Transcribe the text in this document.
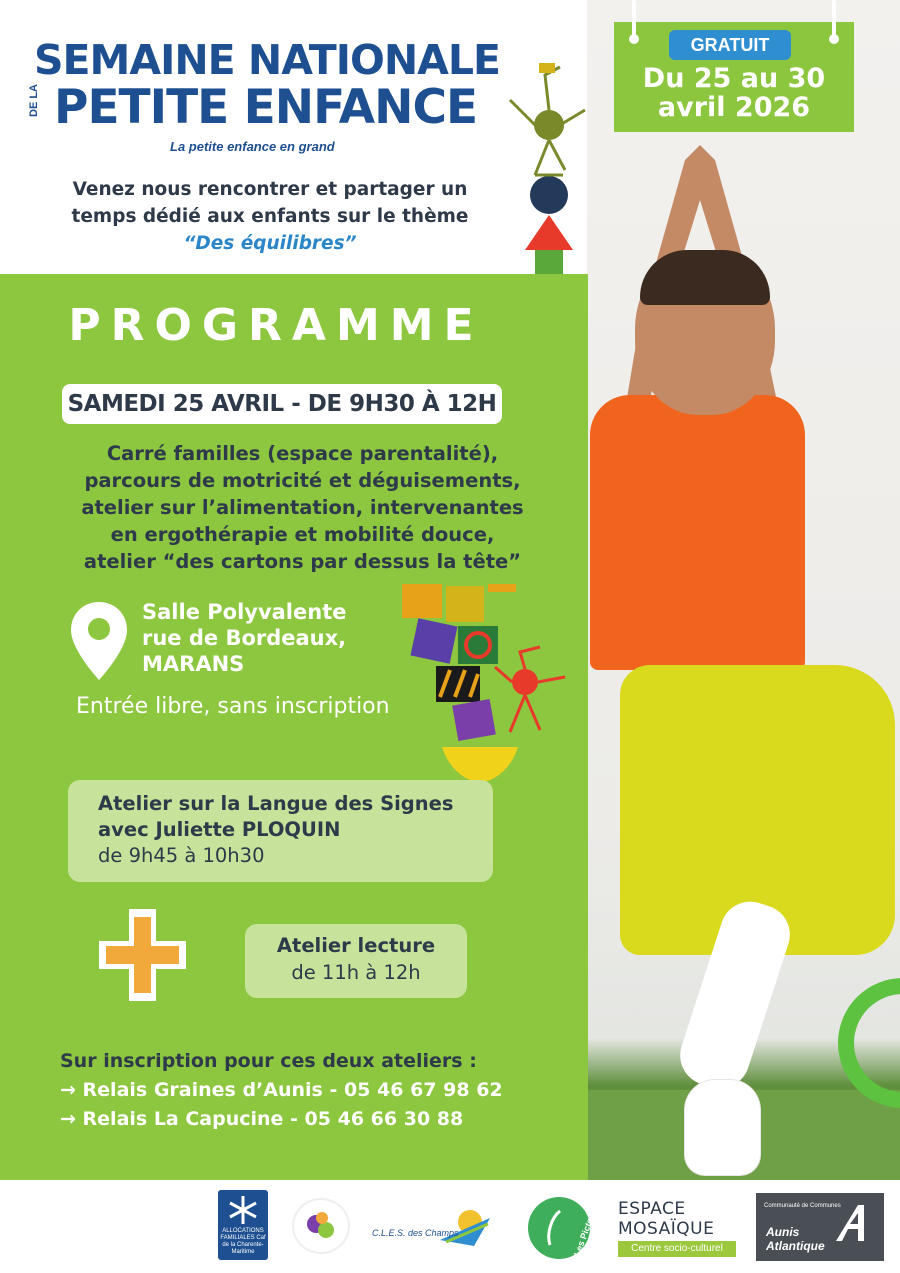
SEMAINE NATIONALE
DE LA PETITE ENFANCE
La petite enfance en grand
Venez nous rencontrer et partager un temps dédié aux enfants sur le thème
“Des équilibres”
GRATUIT
Du 25 au 30
avril 2026
PROGRAMME
SAMEDI 25 AVRIL - DE 9H30 À 12H
Carré familles (espace parentalité),
parcours de motricité et déguisements,
atelier sur l’alimentation, intervenantes
en ergothérapie et mobilité douce,
atelier “des cartons par dessus la tête”
Salle Polyvalente
rue de Bordeaux,
MARANS
Entrée libre, sans inscription
Atelier sur la Langue des Signes
avec Juliette PLOQUIN
de 9h45 à 10h30
Atelier lecture
de 11h à 12h
Sur inscription pour ces deux ateliers :
→ Relais Graines d’Aunis - 05 46 67 98 62
→ Relais La Capucine - 05 46 66 30 88
ALLOCATIONS FAMILIALES Caf de la Charente-Maritime
C.L.E.S. des Champs	Les Pictons ESPACE
MOSAÏQUE
Centre socio-culturel
Communauté de Communes
Aunis
Atlantique
